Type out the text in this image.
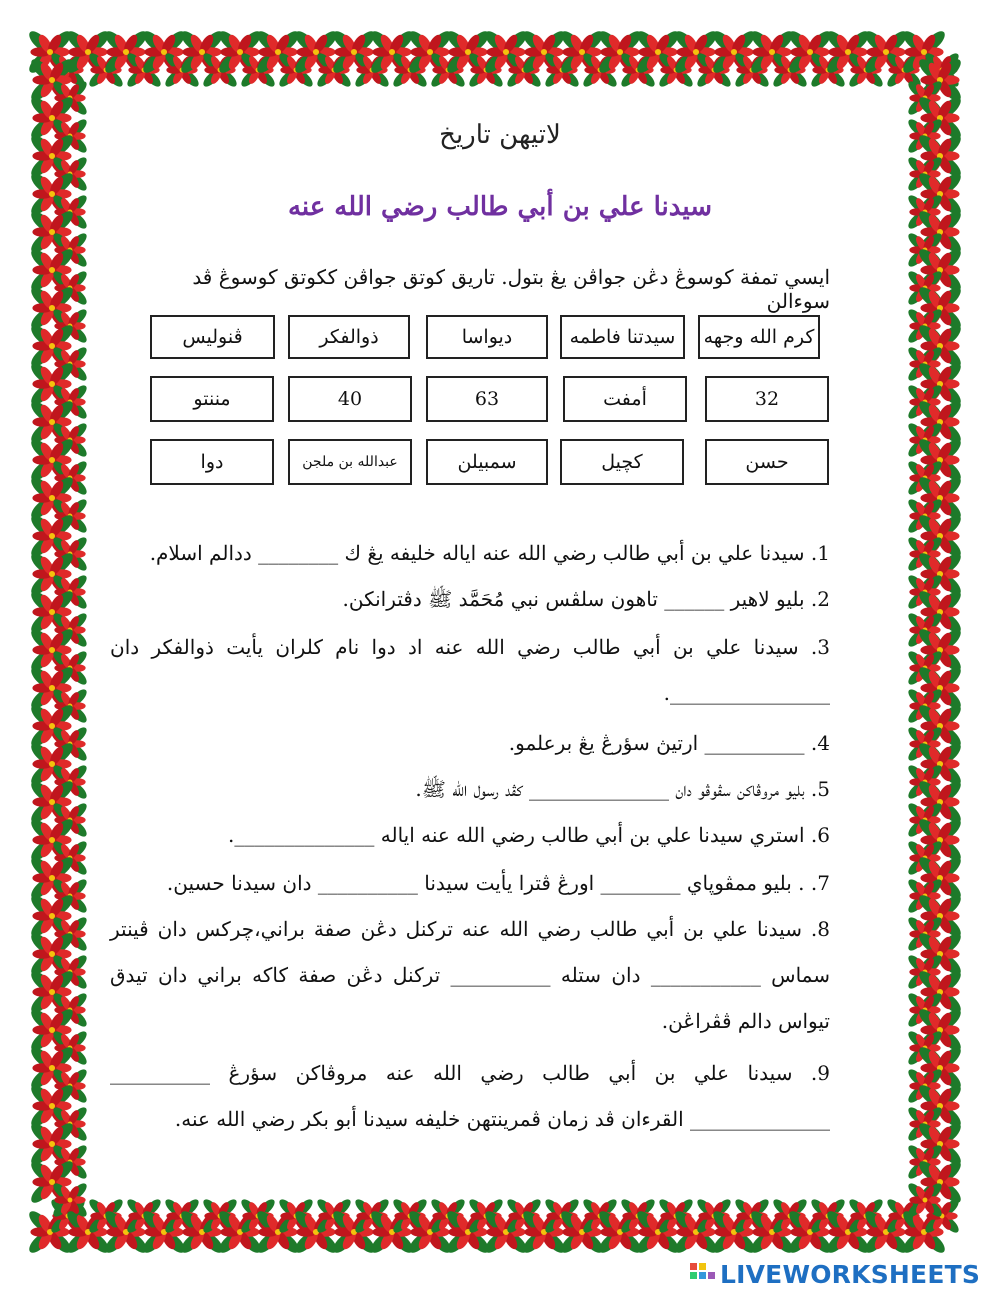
لاتيهن تاريخ
سيدنا علي بن أبي طالب رضي الله عنه
ايسي تمفة كوسوڠ دڠن جواڤن يڠ بتول. تاريق كوتق جواڤن ككوتق كوسوڠ ڤد سوءالن
كرم الله وجهه
سيدتنا فاطمه
ديواسا
ذوالفكر
ڤنوليس
32
أمفت
63
40
مننتو
حسن
كچيل
سمبيلن
عبدالله بن ملجن
دوا
1. سيدنا علي بن أبي طالب رضي الله عنه اياله خليفه يڠ ك ________ ددالم اسلام.
2. بليو لاهير ______ تاهون سلڤس نبي مُحَمَّد ﷺ دڤترانكن.
3. سيدنا علي بن أبي طالب رضي الله عنه اد دوا نام كلران يأيت ذوالفكر دان ________________.
4. __________ ارتيڽ سؤرڠ يڠ برعلمو.
5. بليو مروڤاكن سڤوڤو دان ______________ كڤد رسول الله ﷺ.
6. استري سيدنا علي بن أبي طالب رضي الله عنه اياله ______________.
7. . بليو ممڤوڽاي ________ اورڠ ڤترا يأيت سيدنا __________ دان سيدنا حسين.
8. سيدنا علي بن أبي طالب رضي الله عنه تركنل دڠن صفة براني،چركس دان ڤينتر سماس ___________ دان ستله __________ تركنل دڠن صفة كاكه براني دان تيدق تيواس دالم ڤڤراڠن.
9. سيدنا علي بن أبي طالب رضي الله عنه مروڤاكن سؤرڠ __________ ______________ القرءان ڤد زمان ڤمرينتهن خليفه سيدنا أبو بكر رضي الله عنه.
LIVEWORKSHEETS
